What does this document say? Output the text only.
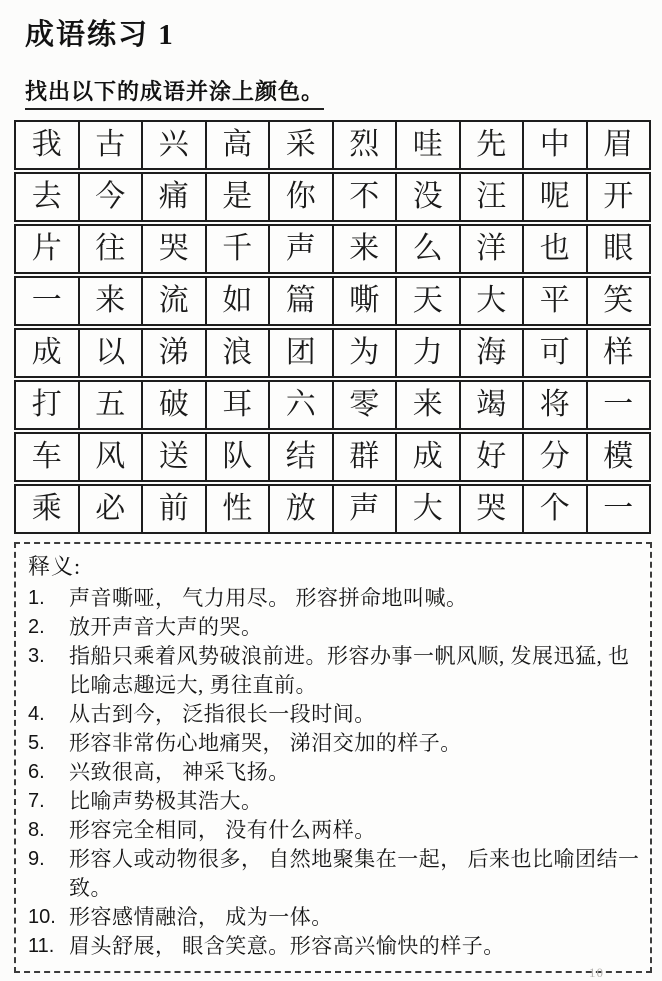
成语练习 1

找出以下的成语并涂上颜色。
我	古	兴	高	采	烈	哇	先	中	眉
去	今	痛	是	你	不	没	汪	呢	开
片	往	哭	千	声	来	么	洋	也	眼
一	来	流	如	篇	嘶	天	大	平	笑
成	以	涕	浪	团	为	力	海	可	样
打	五	破	耳	六	零	来	竭	将	一
车	风	送	队	结	群	成	好	分	模
乘	必	前	性	放	声	大	哭	个	一
释义:
1.	声音嘶哑， 气力用尽。 形容拼命地叫喊。
2.	放开声音大声的哭。
3.	指船只乘着风势破浪前进。形容办事一帆风顺, 发展迅猛, 也比喻志趣远大, 勇往直前。
4.	从古到今， 泛指很长一段时间。
5.	形容非常伤心地痛哭， 涕泪交加的样子。
6.	兴致很高， 神采飞扬。
7.	比喻声势极其浩大。
8.	形容完全相同， 没有什么两样。
9.	形容人或动物很多， 自然地聚集在一起， 后来也比喻团结一致。
10. 形容感情融洽， 成为一体。
11. 眉头舒展， 眼含笑意。形容高兴愉快的样子。
10
